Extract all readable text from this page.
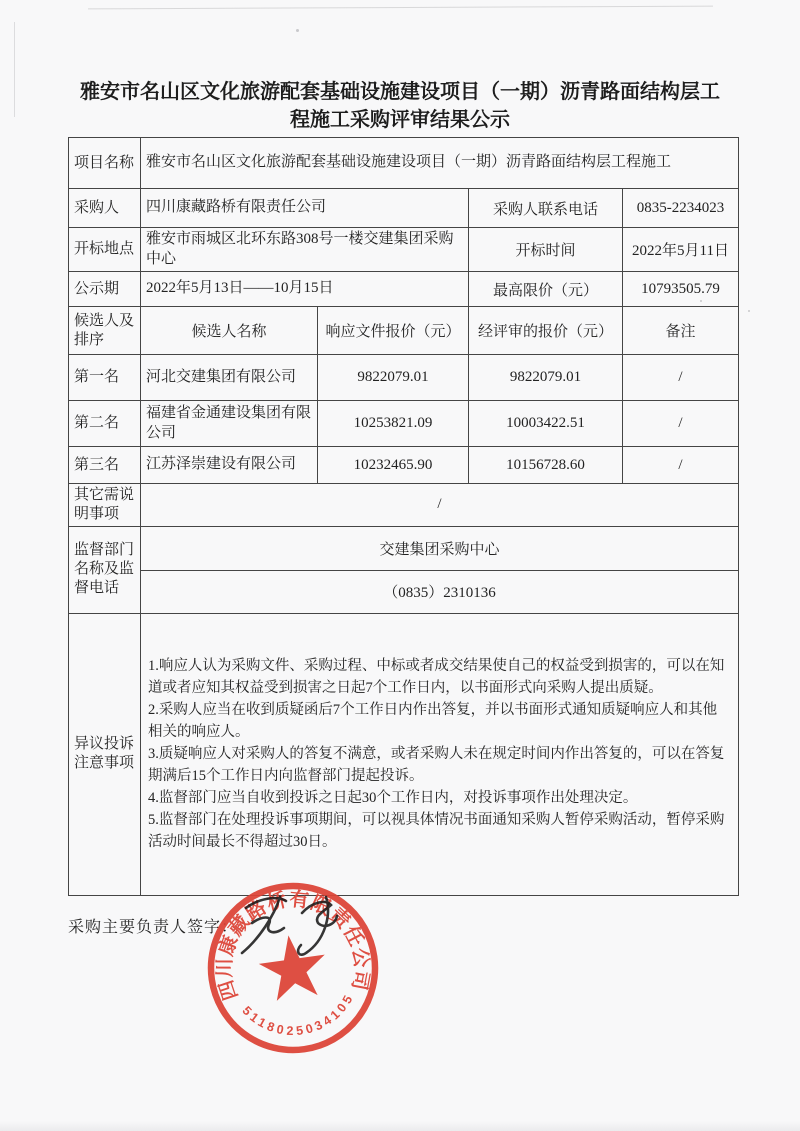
雅安市名山区文化旅游配套基础设施建设项目（一期）沥青路面结构层工程施工采购评审结果公示
项目名称	雅安市名山区文化旅游配套基础设施建设项目（一期）沥青路面结构层工程施工			
采购人	四川康藏路桥有限责任公司		采购人联系电话	0835-2234023
开标地点	雅安市雨城区北环东路308号一楼交建集团采购中心		开标时间	2022年5月11日
公示期	2022年5月13日——10月15日		最高限价（元）	10793505.79
候选人及排序	候选人名称	响应文件报价（元）	经评审的报价（元）	备注
第一名	河北交建集团有限公司	9822079.01	9822079.01	/
第二名	福建省金通建设集团有限公司	10253821.09	10003422.51	/
第三名	江苏泽崇建设有限公司	10232465.90	10156728.60	/
其它需说明事项	/			
监督部门名称及监督电话	交建集团采购中心			
	（0835）2310136			
异议投诉注意事项	1.响应人认为采购文件、采购过程、中标或者成交结果使自己的权益受到损害的，可以在知道或者应知其权益受到损害之日起7个工作日内，以书面形式向采购人提出质疑。

2.采购人应当在收到质疑函后7个工作日内作出答复，并以书面形式通知质疑响应人和其他相关的响应人。

3.质疑响应人对采购人的答复不满意，或者采购人未在规定时间内作出答复的，可以在答复期满后15个工作日内向监督部门提起投诉。

4.监督部门应当自收到投诉之日起30个工作日内，对投诉事项作出处理决定。

5.监督部门在处理投诉事项期间，可以视具体情况书面通知采购人暂停采购活动，暂停采购活动时间最长不得超过30日。			

采购主要负责人签字：
四川康藏路桥有限责任公司
5118025034105
